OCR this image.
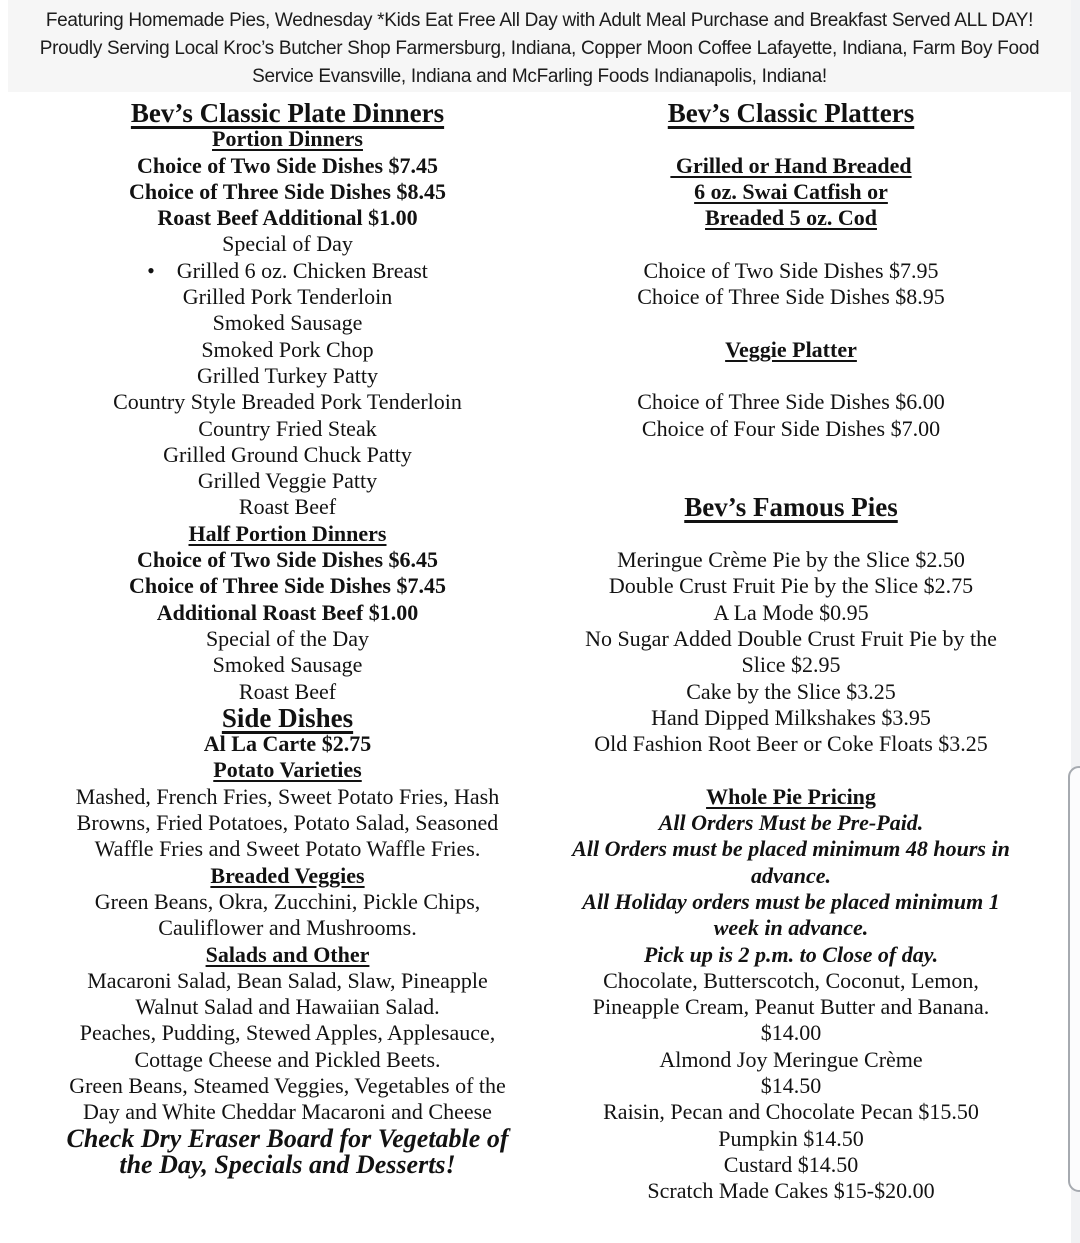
Featuring Homemade Pies, Wednesday *Kids Eat Free All Day with Adult Meal Purchase and Breakfast Served ALL DAY!
Proudly Serving Local Kroc’s Butcher Shop Farmersburg, Indiana, Copper Moon Coffee Lafayette, Indiana, Farm Boy Food
Service Evansville, Indiana and McFarling Foods Indianapolis, Indiana!
Bev’s Classic Plate Dinners
Portion Dinners
Choice of Two Side Dishes $7.45
Choice of Three Side Dishes $8.45
Roast Beef Additional $1.00
Special of Day
•    Grilled 6 oz. Chicken Breast
Grilled Pork Tenderloin
Smoked Sausage
Smoked Pork Chop
Grilled Turkey Patty
Country Style Breaded Pork Tenderloin
Country Fried Steak
Grilled Ground Chuck Patty
Grilled Veggie Patty
Roast Beef
Half Portion Dinners
Choice of Two Side Dishes $6.45
Choice of Three Side Dishes $7.45
Additional Roast Beef $1.00
Special of the Day
Smoked Sausage
Roast Beef
Side Dishes
Al La Carte $2.75
Potato Varieties
Mashed, French Fries, Sweet Potato Fries, Hash
Browns, Fried Potatoes, Potato Salad, Seasoned
Waffle Fries and Sweet Potato Waffle Fries.
Breaded Veggies
Green Beans, Okra, Zucchini, Pickle Chips,
Cauliflower and Mushrooms.
Salads and Other
Macaroni Salad, Bean Salad, Slaw, Pineapple
Walnut Salad and Hawaiian Salad.
Peaches, Pudding, Stewed Apples, Applesauce,
Cottage Cheese and Pickled Beets.
Green Beans, Steamed Veggies, Vegetables of the
Day and White Cheddar Macaroni and Cheese
Check Dry Eraser Board for Vegetable of
the Day, Specials and Desserts!
Bev’s Classic Platters
Grilled or Hand Breaded
6 oz. Swai Catfish or
Breaded 5 oz. Cod
Choice of Two Side Dishes $7.95
Choice of Three Side Dishes $8.95
Veggie Platter
Choice of Three Side Dishes $6.00
Choice of Four Side Dishes $7.00
Bev’s Famous Pies
Meringue Crème Pie by the Slice $2.50
Double Crust Fruit Pie by the Slice $2.75
A La Mode $0.95
No Sugar Added Double Crust Fruit Pie by the
Slice $2.95
Cake by the Slice $3.25
Hand Dipped Milkshakes $3.95
Old Fashion Root Beer or Coke Floats $3.25
Whole Pie Pricing
All Orders Must be Pre-Paid.
All Orders must be placed minimum 48 hours in
advance.
All Holiday orders must be placed minimum 1
week in advance.
Pick up is 2 p.m. to Close of day.
Chocolate, Butterscotch, Coconut, Lemon,
Pineapple Cream, Peanut Butter and Banana.
$14.00
Almond Joy Meringue Crème
$14.50
Raisin, Pecan and Chocolate Pecan $15.50
Pumpkin $14.50
Custard $14.50
Scratch Made Cakes $15-$20.00
